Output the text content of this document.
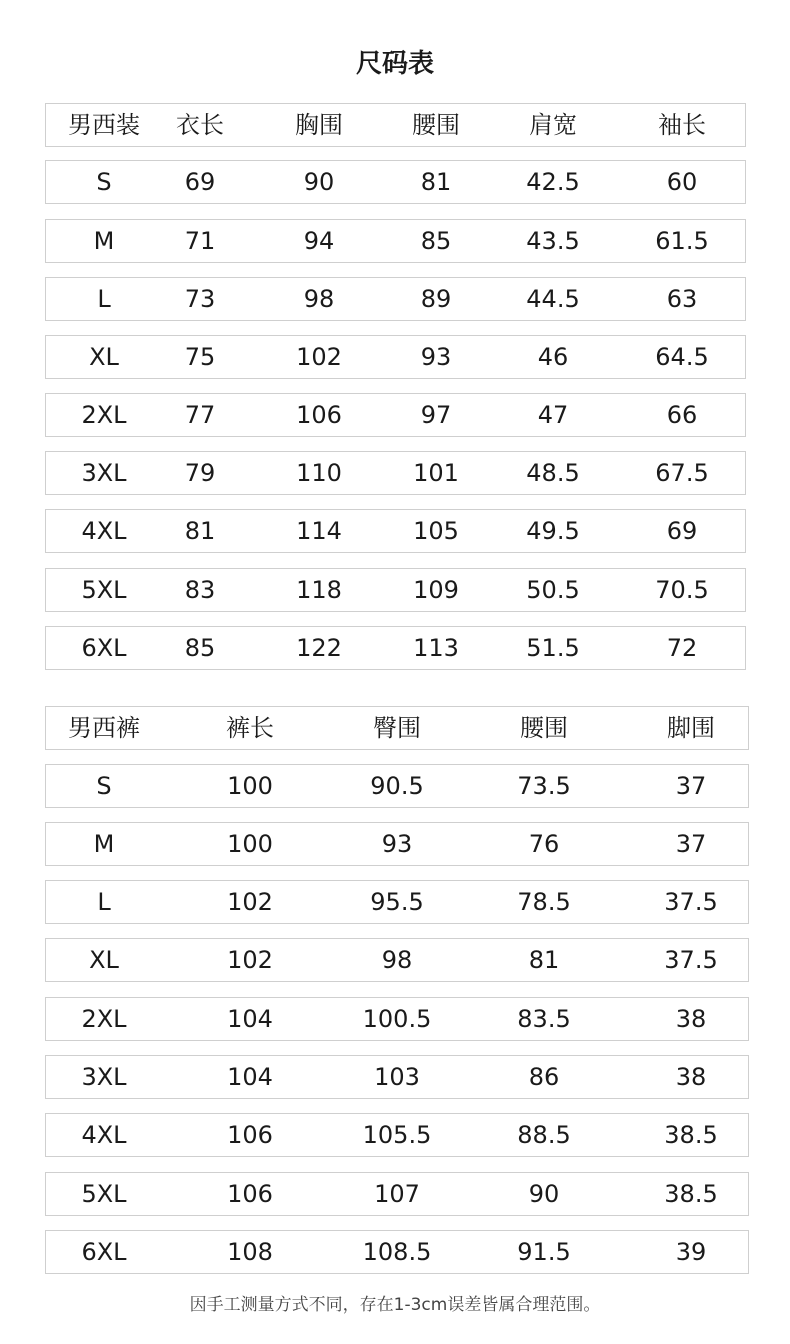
尺码表
男西装	衣长	胸围	腰围	肩宽	袖长
S	69	90	81	42.5	60
M	71	94	85	43.5	61.5
L	73	98	89	44.5	63
XL	75	102	93	46	64.5
2XL	77	106	97	47	66
3XL	79	110	101	48.5	67.5
4XL	81	114	105	49.5	69
5XL	83	118	109	50.5	70.5
6XL	85	122	113	51.5	72
男西裤	裤长	臀围	腰围	脚围
S	100	90.5	73.5	37
M	100	93	76	37
L	102	95.5	78.5	37.5
XL	102	98	81	37.5
2XL	104	100.5	83.5	38
3XL	104	103	86	38
4XL	106	105.5	88.5	38.5
5XL	106	107	90	38.5
6XL	108	108.5	91.5	39
因手工测量方式不同，存在1-3cm误差皆属合理范围。
